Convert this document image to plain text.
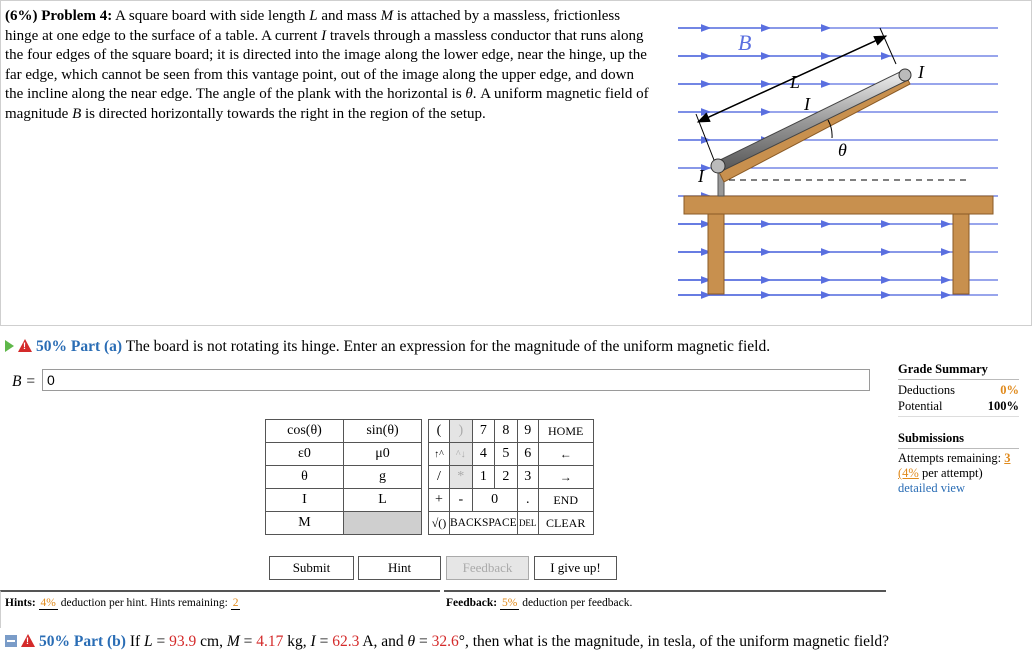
(6%) Problem 4: A square board with side length L and mass M is attached by a massless, frictionless hinge at one edge to the surface of a table. A current I travels through a massless conductor that runs along the four edges of the square board; it is directed into the image along the lower edge, near the hinge, up the far edge, which cannot be seen from this vantage point, out of the image along the upper edge, and down the incline along the near edge. The angle of the plank with the horizontal is θ. A uniform magnetic field of magnitude B is directed horizontally towards the right in the region of the setup.
B
L	I
I
I
θ
!50% Part (a) The board is not rotating its hinge. Enter an expression for the magnitude of the uniform magnetic field.
B =
0
cos(θ)	sin(θ)		(	)	7	8	9	HOME
ε0	μ0		↑^	^↓	4	5	6	←
θ	g		/	*	1	2	3	→
I	L		+	-	0		.	END
M			√()	BACKSPACE			DEL	CLEAR
Submit	Hint	Feedback	I give up!
Grade Summary
Deductions	0%
Potential	100%
Submissions
Attempts remaining: 3
(4% per attempt)
detailed view
Hints: 4% deduction per hint. Hints remaining: 2	Feedback: 5% deduction per feedback.
!50% Part (b) If L = 93.9 cm, M = 4.17 kg, I = 62.3 A, and θ = 32.6°, then what is the magnitude, in tesla, of the uniform magnetic field?
